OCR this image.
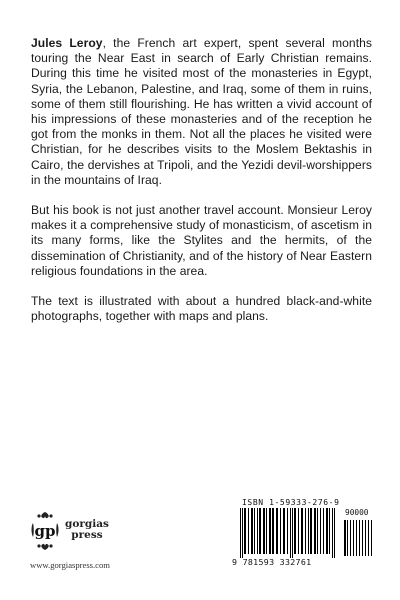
Jules Leroy, the French art expert, spent several months touring the Near East in search of Early Christian remains. During this time he visited most of the monasteries in Egypt, Syria, the Lebanon, Palestine, and Iraq, some of them in ruins, some of them still flourishing. He has written a vivid account of his impressions of these monasteries and of the reception he got from the monks in them. Not all the places he visited were Christian, for he describes visits to the Moslem Bektashis in Cairo, the dervishes at Tripoli, and the Yezidi devil-worshippers in the mountains of Iraq.

But his book is not just another travel account. Monsieur Leroy makes it a comprehensive study of monasticism, of ascetism in its many forms, like the Stylites and the hermits, of the dissemination of Christianity, and of the history of Near Eastern religious foundations in the area.

The text is illustrated with about a hundred black-and-white photographs, together with maps and plans.

gp gorgias
press
www.gorgiaspress.com
ISBN 1-59333-276-9
90000
9 781593 332761
